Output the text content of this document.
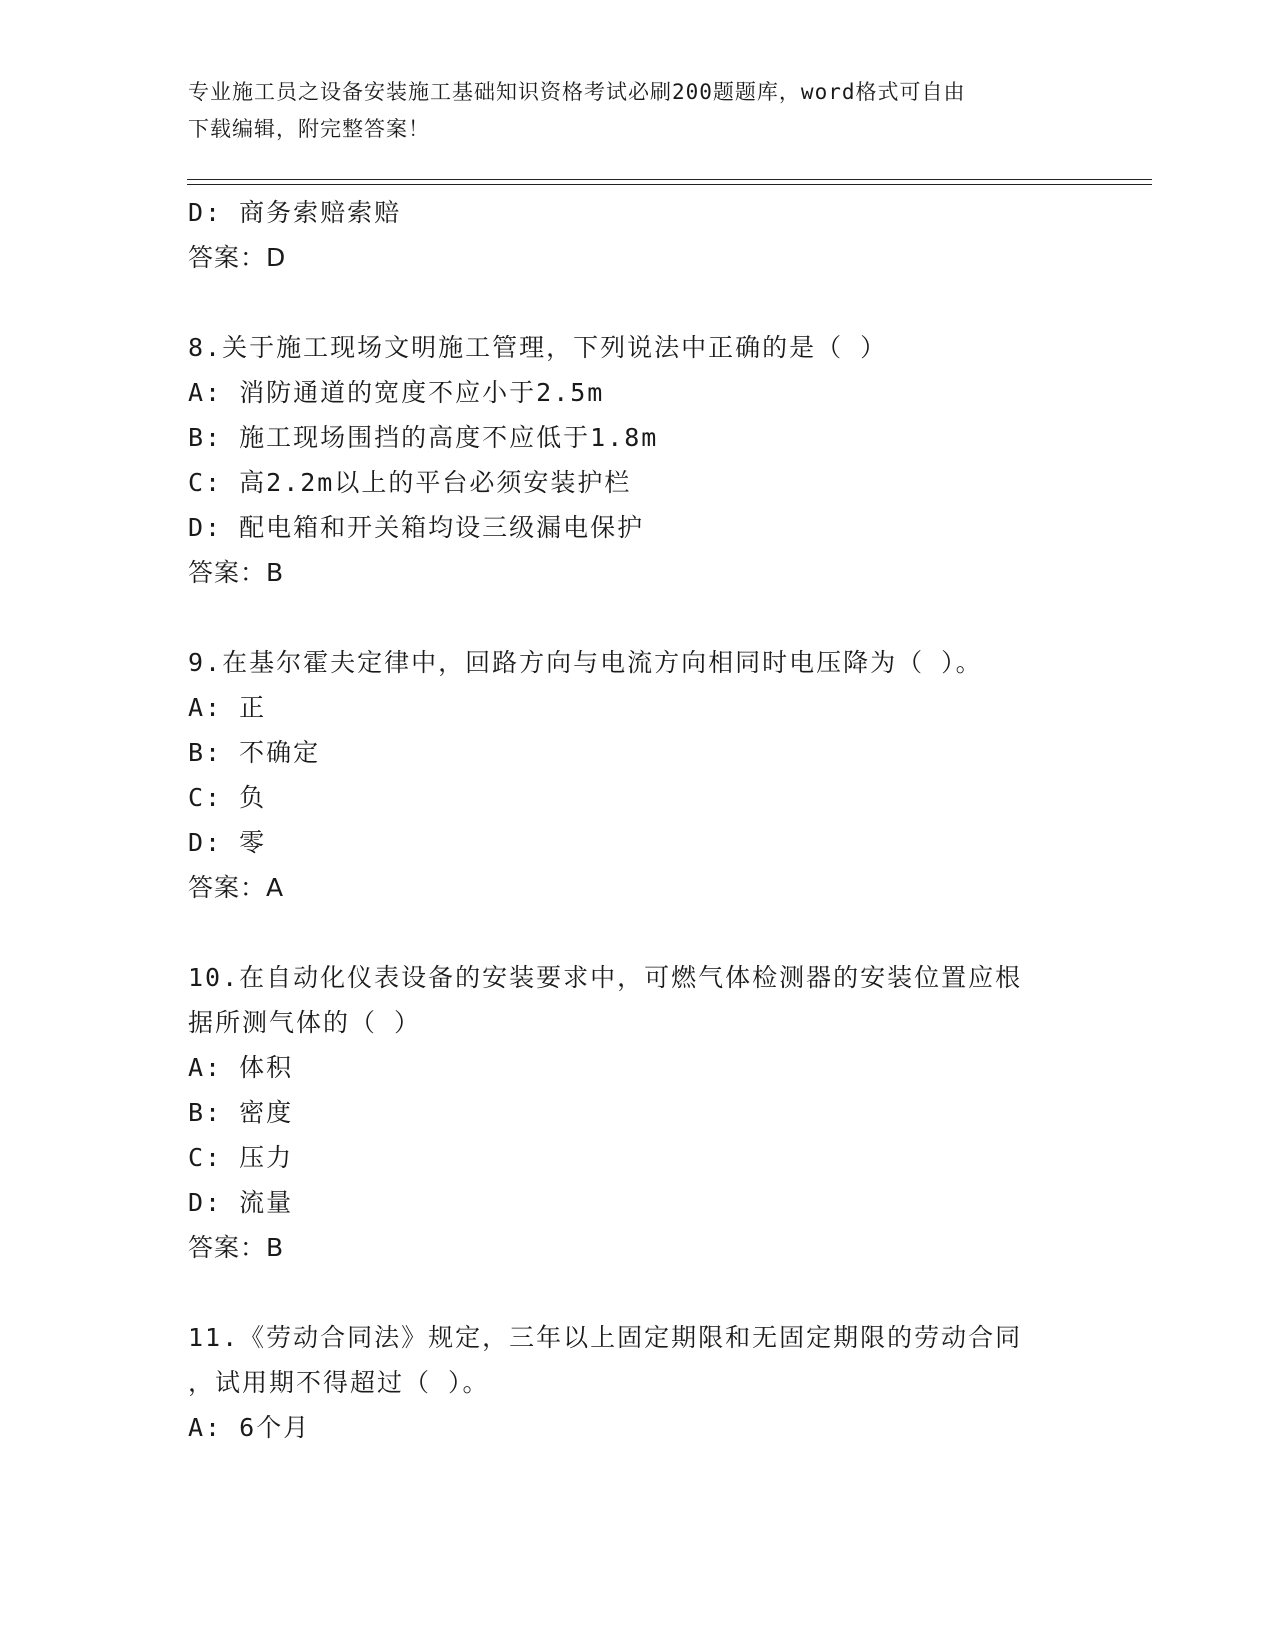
专业施工员之设备安装施工基础知识资格考试必刷200题题库，word格式可自由
下载编辑，附完整答案！
D: 商务索赔索赔
答案：D
8.关于施工现场文明施工管理，下列说法中正确的是（ ）
A: 消防通道的宽度不应小于2.5m
B: 施工现场围挡的高度不应低于1.8m
C: 高2.2m以上的平台必须安装护栏
D: 配电箱和开关箱均设三级漏电保护
答案：B
9.在基尔霍夫定律中，回路方向与电流方向相同时电压降为（ ）。
A: 正
B: 不确定
C: 负
D: 零
答案：A
10.在自动化仪表设备的安装要求中，可燃气体检测器的安装位置应根
据所测气体的（ ）
A: 体积
B: 密度
C: 压力
D: 流量
答案：B
11.《劳动合同法》规定，三年以上固定期限和无固定期限的劳动合同
，试用期不得超过（ ）。
A: 6个月
